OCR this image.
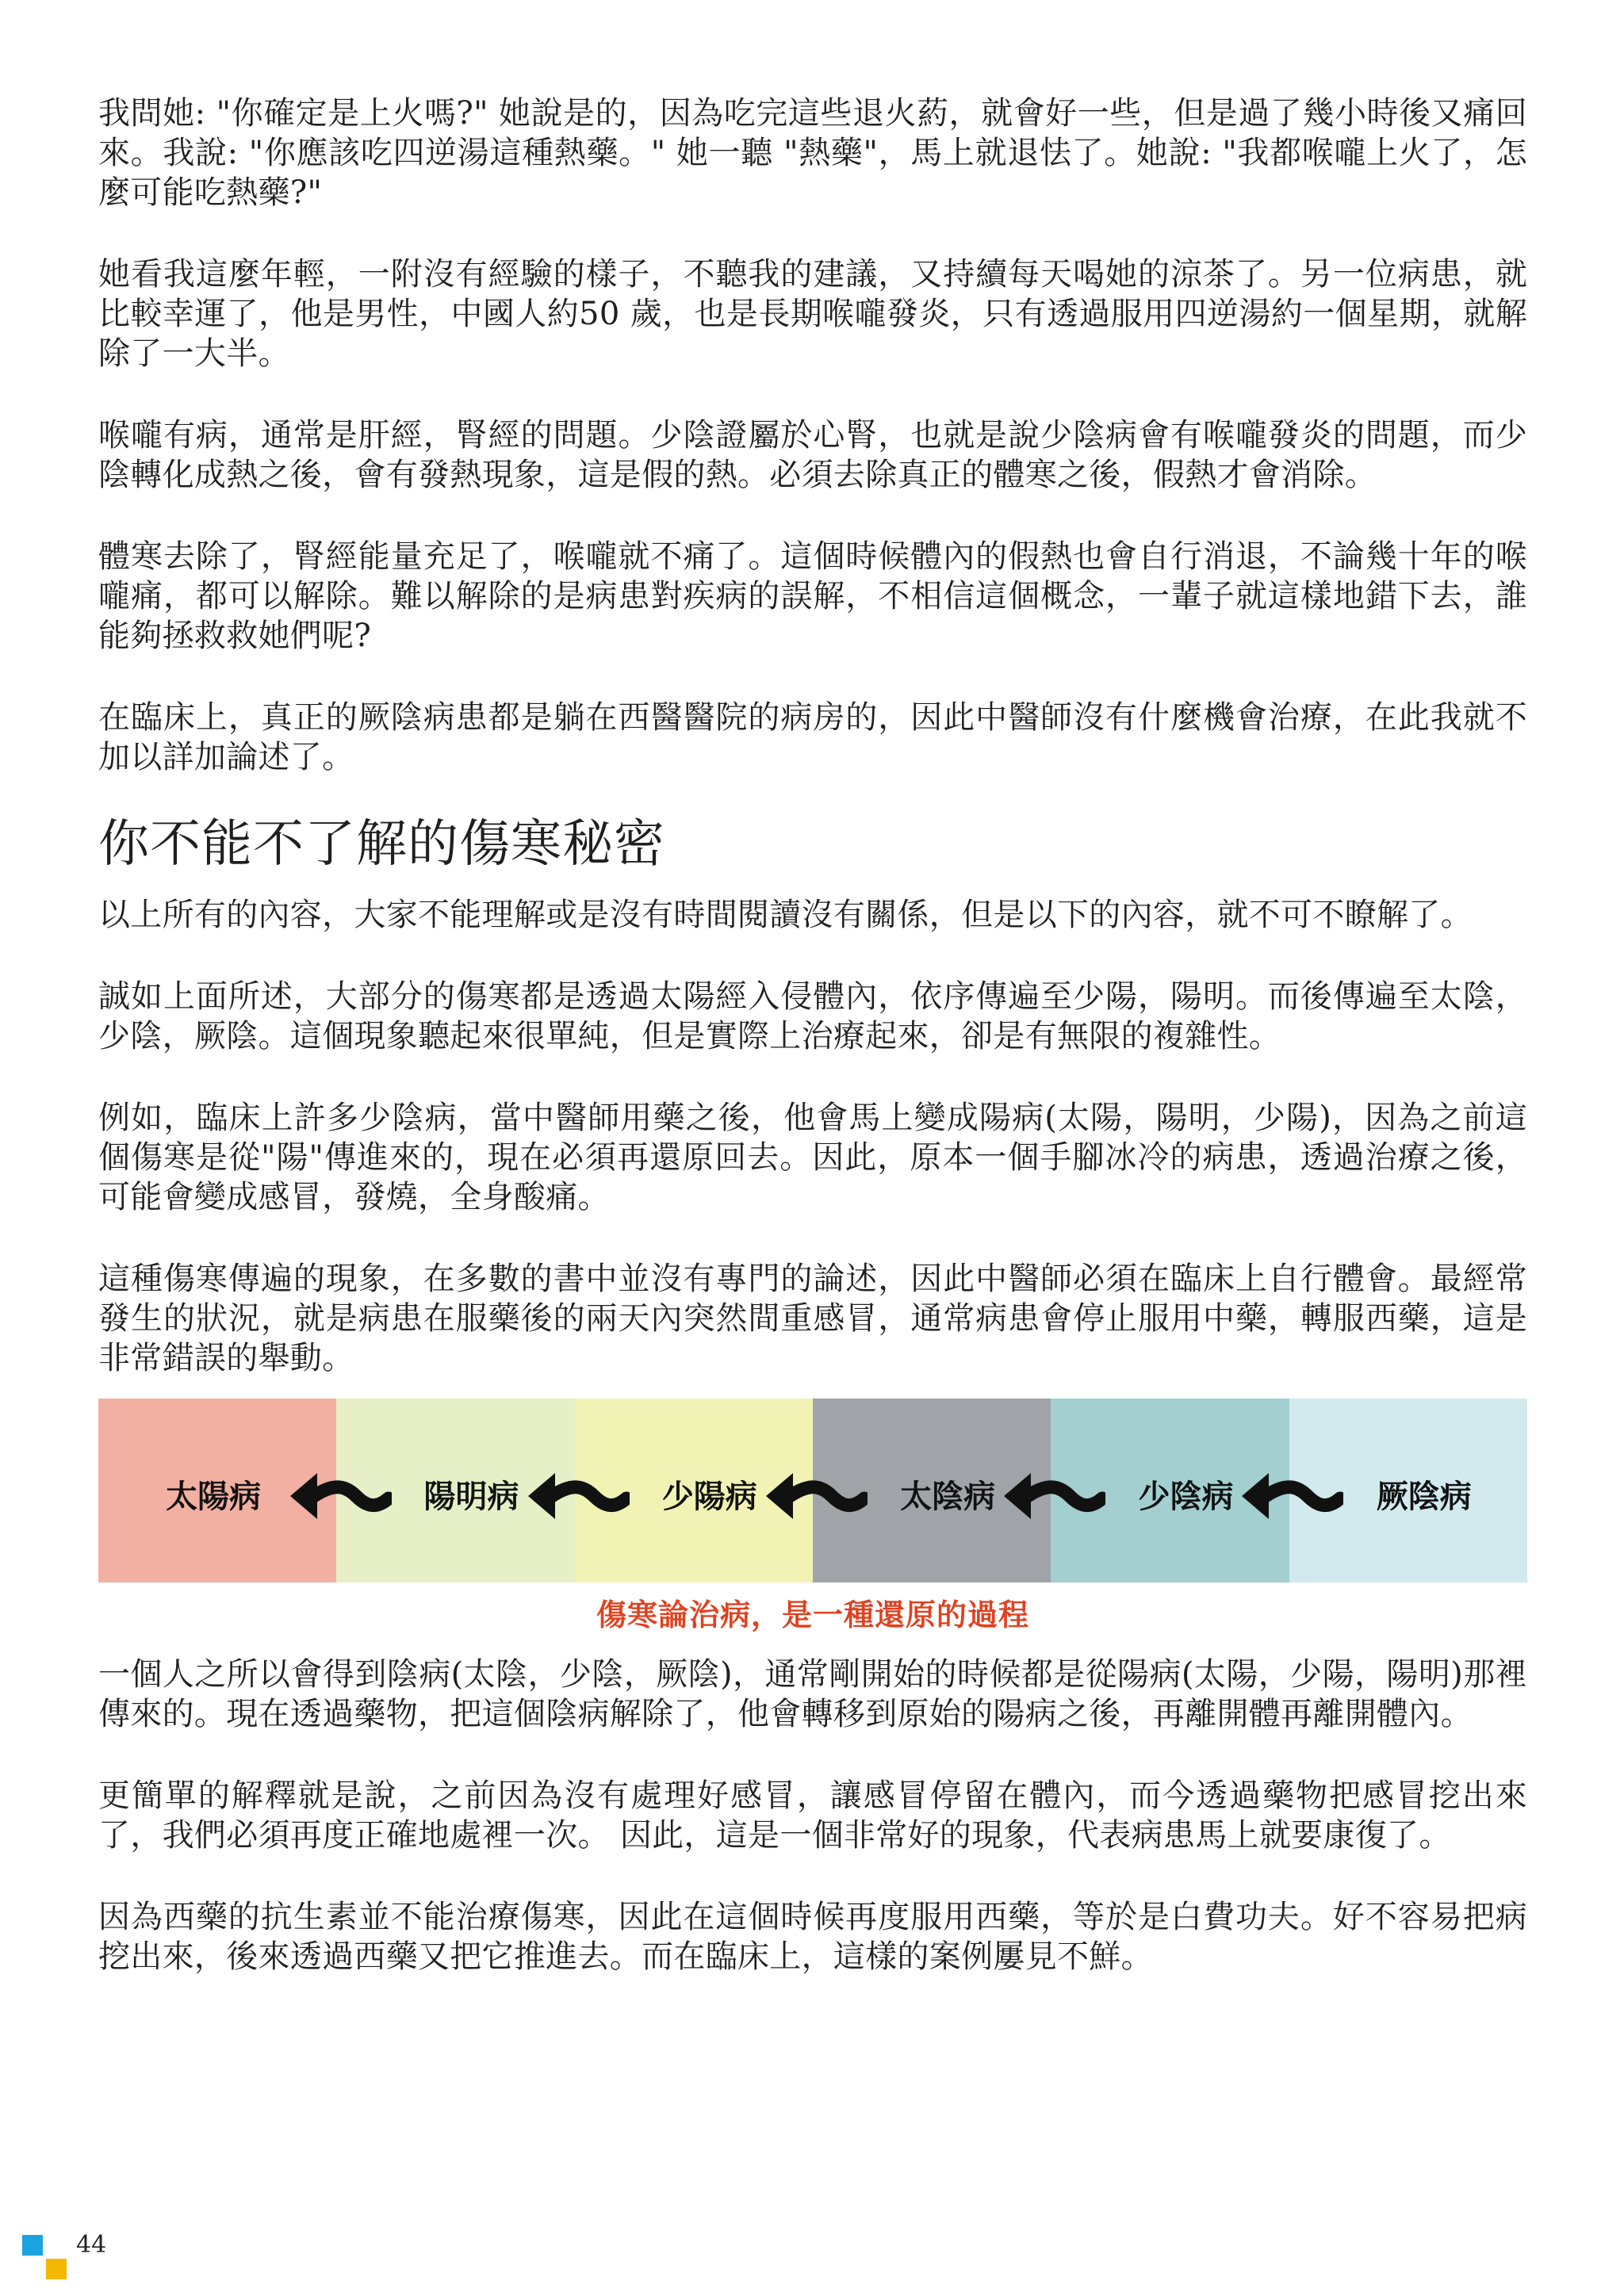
我問她: "你確定是上火嗎?" 她說是的，因為吃完這些退火葯，就會好一些，但是過了幾小時後又痛回來。我說: "你應該吃四逆湯這種熱藥。" 她一聽 "熱藥"，馬上就退怯了。她說: "我都喉嚨上火了，怎麼可能吃熱藥?"

她看我這麼年輕，一附沒有經驗的樣子，不聽我的建議，又持續每天喝她的涼茶了。另一位病患，就比較幸運了，他是男性，中國人約50 歲，也是長期喉嚨發炎，只有透過服用四逆湯約一個星期，就解除了一大半。

喉嚨有病，通常是肝經，腎經的問題。少陰證屬於心腎，也就是說少陰病會有喉嚨發炎的問題，而少陰轉化成熱之後，會有發熱現象，這是假的熱。必須去除真正的體寒之後，假熱才會消除。

體寒去除了，腎經能量充足了，喉嚨就不痛了。這個時候體內的假熱也會自行消退，不論幾十年的喉嚨痛，都可以解除。難以解除的是病患對疾病的誤解，不相信這個概念，一輩子就這樣地錯下去，誰能夠拯救救她們呢?

在臨床上，真正的厥陰病患都是躺在西醫醫院的病房的，因此中醫師沒有什麼機會治療，在此我就不加以詳加論述了。

你不能不了解的傷寒秘密

以上所有的內容，大家不能理解或是沒有時間閱讀沒有關係，但是以下的內容，就不可不瞭解了。

誠如上面所述，大部分的傷寒都是透過太陽經入侵體內，依序傳遍至少陽，陽明。而後傳遍至太陰，少陰，厥陰。這個現象聽起來很單純，但是實際上治療起來，卻是有無限的複雜性。

例如，臨床上許多少陰病，當中醫師用藥之後，他會馬上變成陽病(太陽，陽明，少陽)，因為之前這個傷寒是從"陽"傳進來的，現在必須再還原回去。因此，原本一個手腳冰冷的病患，透過治療之後，可能會變成感冒，發燒，全身酸痛。

這種傷寒傳遍的現象，在多數的書中並沒有專門的論述，因此中醫師必須在臨床上自行體會。最經常發生的狀況，就是病患在服藥後的兩天內突然間重感冒，通常病患會停止服用中藥，轉服西藥，這是非常錯誤的舉動。

太陽病	陽明病	少陽病	太陰病	少陰病	厥陰病
傷寒論治病，是一種還原的過程

一個人之所以會得到陰病(太陰，少陰，厥陰)，通常剛開始的時候都是從陽病(太陽，少陽，陽明)那裡傳來的。現在透過藥物，把這個陰病解除了，他會轉移到原始的陽病之後，再離開體再離開體內。

更簡單的解釋就是說，之前因為沒有處理好感冒，讓感冒停留在體內，而今透過藥物把感冒挖出來了，我們必須再度正確地處裡一次。 因此，這是一個非常好的現象，代表病患馬上就要康復了。

因為西藥的抗生素並不能治療傷寒，因此在這個時候再度服用西藥，等於是白費功夫。好不容易把病挖出來，後來透過西藥又把它推進去。而在臨床上，這樣的案例屢見不鮮。

44
